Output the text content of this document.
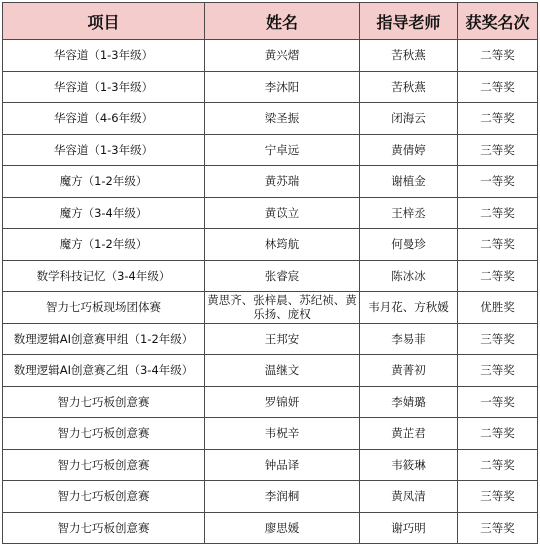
项目	姓名	指导老师	获奖名次
华容道（1-3年级）	黄兴熠	苦秋燕	二等奖
华容道（1-3年级）	李沐阳	苦秋燕	二等奖
华容道（4-6年级）	梁圣振	闭海云	二等奖
华容道（1-3年级）	宁卓远	黄倩婷	三等奖
魔方（1-2年级）	黄苏瑞	谢植金	一等奖
魔方（3-4年级）	黄苡立	王梓丞	二等奖
魔方（1-2年级）	林筠航	何曼珍	二等奖
数学科技记忆（3-4年级）	张睿宸	陈冰冰	二等奖
智力七巧板现场团体赛	黄思齐、张梓晨、苏纪祯、黄乐扬、庞权	韦月花、方秋媛	优胜奖
数理逻辑AI创意赛甲组（1-2年级）	王邦安	李易菲	三等奖
数理逻辑AI创意赛乙组（3-4年级）	温继文	黄菁初	三等奖
智力七巧板创意赛	罗锦妍	李婧璐	一等奖
智力七巧板创意赛	韦柷辛	黄芷君	二等奖
智力七巧板创意赛	钟品译	韦筱琳	二等奖
智力七巧板创意赛	李润桐	黄凤清	三等奖
智力七巧板创意赛	廖思媛	谢巧明	三等奖
